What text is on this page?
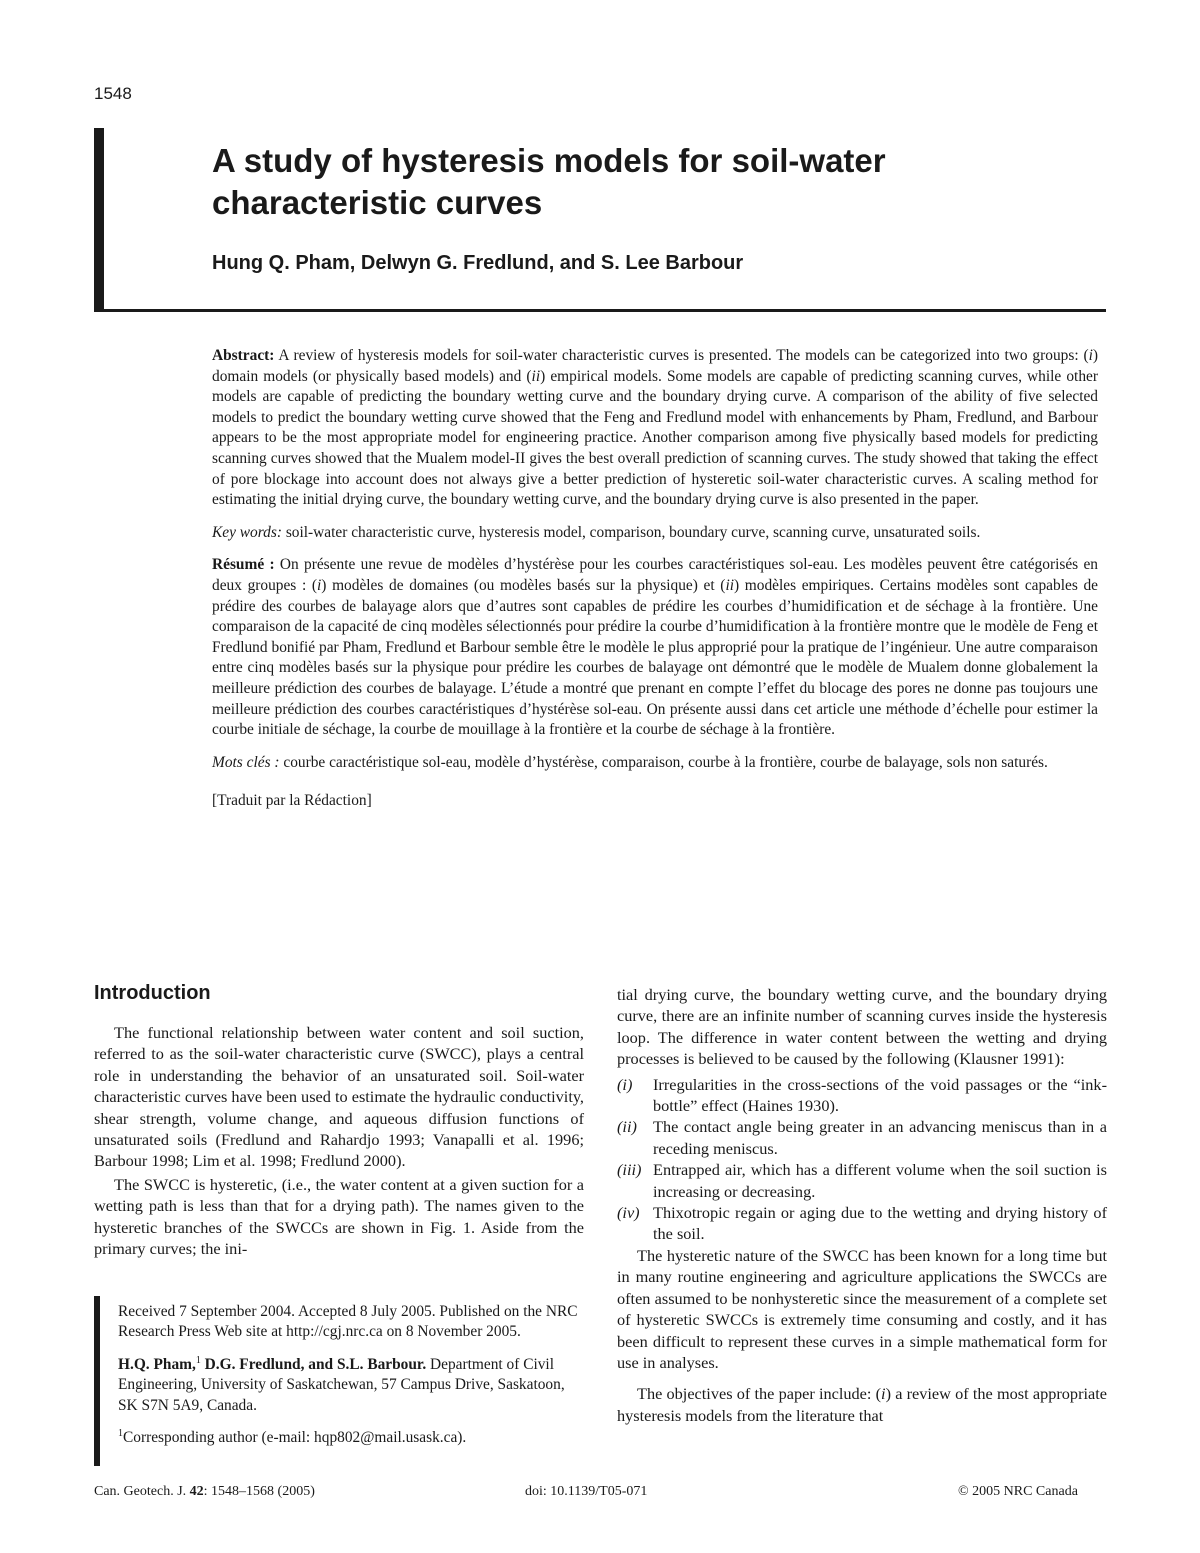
1548
A study of hysteresis models for soil-water characteristic curves

Hung Q. Pham, Delwyn G. Fredlund, and S. Lee Barbour

Abstract: A review of hysteresis models for soil-water characteristic curves is presented. The models can be categorized into two groups: (i) domain models (or physically based models) and (ii) empirical models. Some models are capable of predicting scanning curves, while other models are capable of predicting the boundary wetting curve and the boundary drying curve. A comparison of the ability of five selected models to predict the boundary wetting curve showed that the Feng and Fredlund model with enhancements by Pham, Fredlund, and Barbour appears to be the most appropriate model for engineering practice. Another comparison among five physically based models for predicting scanning curves showed that the Mualem model-II gives the best overall prediction of scanning curves. The study showed that taking the effect of pore blockage into account does not always give a better prediction of hysteretic soil-water characteristic curves. A scaling method for estimating the initial drying curve, the boundary wetting curve, and the boundary drying curve is also presented in the paper.

Key words: soil-water characteristic curve, hysteresis model, comparison, boundary curve, scanning curve, unsaturated soils.

Résumé : On présente une revue de modèles d’hystérèse pour les courbes caractéristiques sol-eau. Les modèles peuvent être catégorisés en deux groupes : (i) modèles de domaines (ou modèles basés sur la physique) et (ii) modèles empiriques. Certains modèles sont capables de prédire des courbes de balayage alors que d’autres sont capables de prédire les courbes d’humidification et de séchage à la frontière. Une comparaison de la capacité de cinq modèles sélectionnés pour prédire la courbe d’humidification à la frontière montre que le modèle de Feng et Fredlund bonifié par Pham, Fredlund et Barbour semble être le modèle le plus approprié pour la pratique de l’ingénieur. Une autre comparaison entre cinq modèles basés sur la physique pour prédire les courbes de balayage ont démontré que le modèle de Mualem donne globalement la meilleure prédiction des courbes de balayage. L’étude a montré que prenant en compte l’effet du blocage des pores ne donne pas toujours une meilleure prédiction des courbes caractéristiques d’hystérèse sol-eau. On présente aussi dans cet article une méthode d’échelle pour estimer la courbe initiale de séchage, la courbe de mouillage à la frontière et la courbe de séchage à la frontière.

Mots clés : courbe caractéristique sol-eau, modèle d’hystérèse, comparaison, courbe à la frontière, courbe de balayage, sols non saturés.

[Traduit par la Rédaction]

Introduction

The functional relationship between water content and soil suction, referred to as the soil-water characteristic curve (SWCC), plays a central role in understanding the behavior of an unsaturated soil. Soil-water characteristic curves have been used to estimate the hydraulic conductivity, shear strength, volume change, and aqueous diffusion functions of unsaturated soils (Fredlund and Rahardjo 1993; Vanapalli et al. 1996; Barbour 1998; Lim et al. 1998; Fredlund 2000).

The SWCC is hysteretic, (i.e., the water content at a given suction for a wetting path is less than that for a drying path). The names given to the hysteretic branches of the SWCCs are shown in Fig. 1. Aside from the primary curves; the ini-

Received 7 September 2004. Accepted 8 July 2005. Published on the NRC Research Press Web site at http://cgj.nrc.ca on 8 November 2005.

H.Q. Pham,$^1$ D.G. Fredlund, and S.L. Barbour. Department of Civil Engineering, University of Saskatchewan, 57 Campus Drive, Saskatoon, SK S7N 5A9, Canada.

$^1$Corresponding author (e-mail: hqp802@mail.usask.ca).

tial drying curve, the boundary wetting curve, and the boundary drying curve, there are an infinite number of scanning curves inside the hysteresis loop. The difference in water content between the wetting and drying processes is believed to be caused by the following (Klausner 1991):

(i)	Irregularities in the cross-sections of the void passages or the “ink-bottle” effect (Haines 1930).
(ii) The contact angle being greater in an advancing meniscus than in a receding meniscus.
(iii) Entrapped air, which has a different volume when the soil suction is increasing or decreasing.
(iv) Thixotropic regain or aging due to the wetting and drying history of the soil.

The hysteretic nature of the SWCC has been known for a long time but in many routine engineering and agriculture applications the SWCCs are often assumed to be nonhysteretic since the measurement of a complete set of hysteretic SWCCs is extremely time consuming and costly, and it has been difficult to represent these curves in a simple mathematical form for use in analyses.

The objectives of the paper include: (i) a review of the most appropriate hysteresis models from the literature that

Can. Geotech. J. 42: 1548–1568 (2005)	doi: 10.1139/T05-071	© 2005 NRC Canada
